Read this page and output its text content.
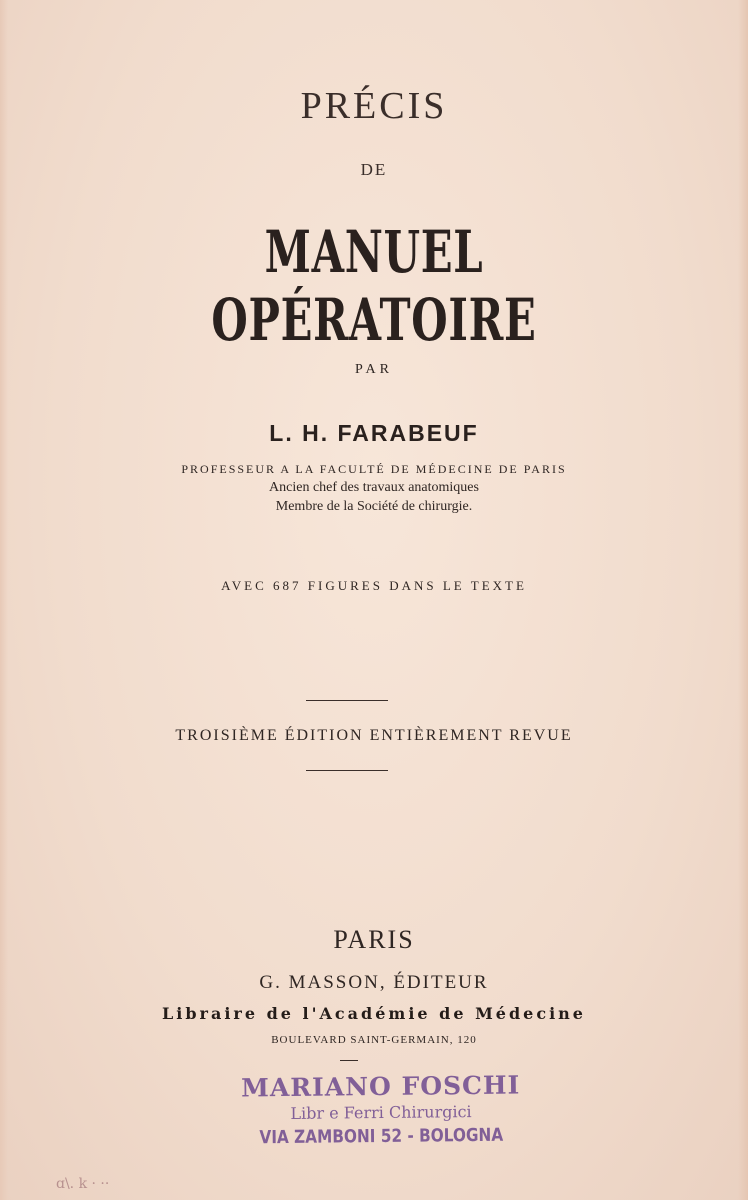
PRÉCIS
DE
MANUEL OPÉRATOIRE
PAR
L. H. FARABEUF
PROFESSEUR A LA FACULTÉ DE MÉDECINE DE PARIS
Ancien chef des travaux anatomiques
Membre de la Société de chirurgie.
AVEC 687 FIGURES DANS LE TEXTE
TROISIÈME ÉDITION ENTIÈREMENT REVUE
PARIS
G. MASSON, ÉDITEUR
Libraire de l'Académie de Médecine
BOULEVARD SAINT-GERMAIN, 120
MARIANO FOSCHI
Libr e Ferri Chirurgici
VIA ZAMBONI 52 - BOLOGNA
ɑ\. k · ··
